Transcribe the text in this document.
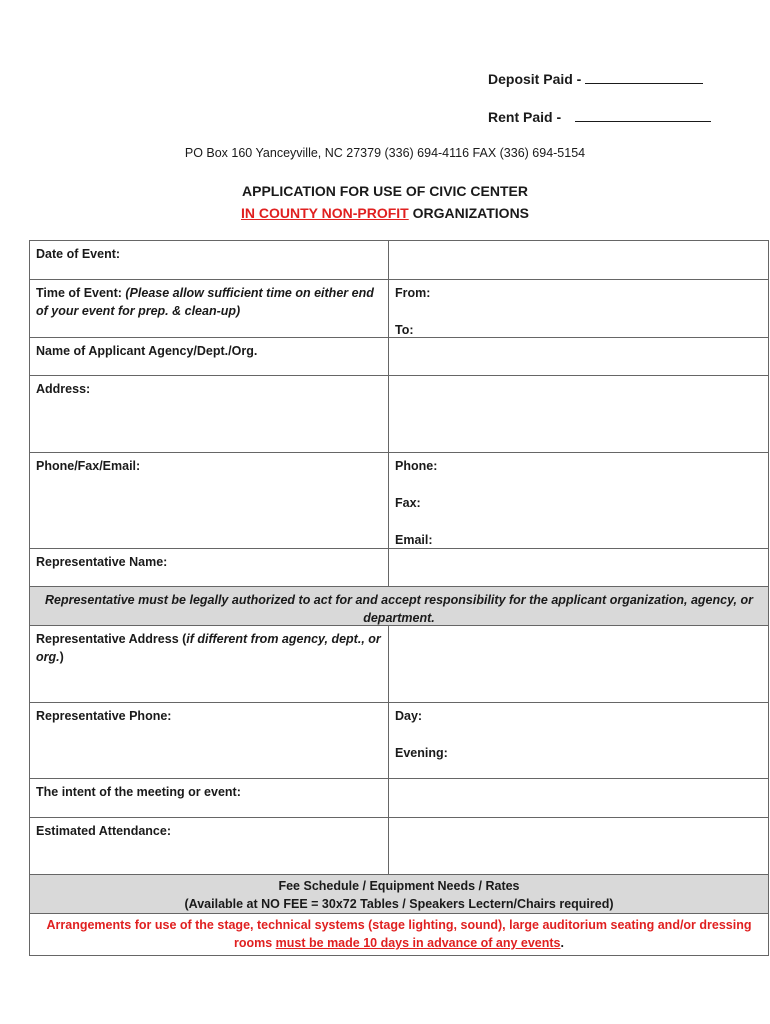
Deposit Paid -
Rent Paid -
PO Box 160 Yanceyville, NC 27379 (336) 694-4116 FAX (336) 694-5154
APPLICATION FOR USE OF CIVIC CENTER
IN COUNTY NON-PROFIT ORGANIZATIONS
Date of Event:
Time of Event: (Please allow sufficient time on either end of your event for prep. & clean-up)
Name of Applicant Agency/Dept./Org.
From:
To:
Address:
Phone/Fax/Email:
Representative Name:
Phone:
Fax:
Email:
Representative must be legally authorized to act for and accept responsibility for the applicant organization, agency, or department.
Representative Address (if different from agency, dept., or org.)
Representative Phone:	Day:
Evening:
The intent of the meeting or event:
Estimated Attendance:
Fee Schedule / Equipment Needs / Rates
(Available at NO FEE = 30x72 Tables / Speakers Lectern/Chairs required)
Arrangements for use of the stage, technical systems (stage lighting, sound), large auditorium seating and/or dressing rooms must be made 10 days in advance of any events.
